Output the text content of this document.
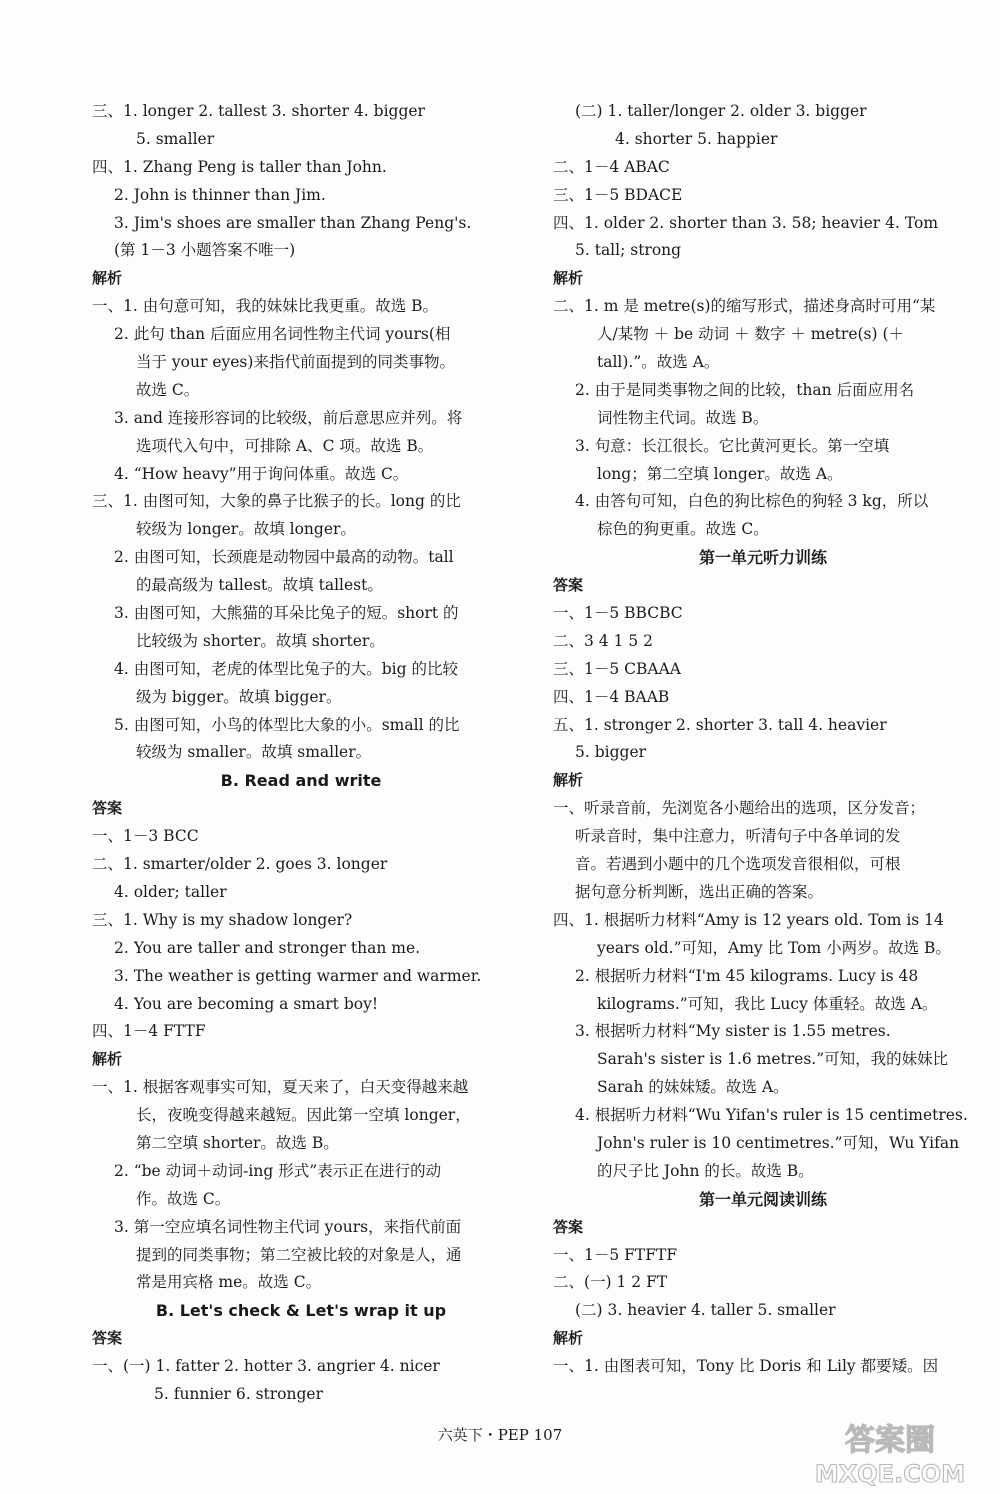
三、1. longer 2. tallest 3. shorter 4. bigger
5. smaller
四、1. Zhang Peng is taller than John.
2. John is thinner than Jim.
3. Jim's shoes are smaller than Zhang Peng's.
(第 1－3 小题答案不唯一)
解析
一、1. 由句意可知，我的妹妹比我更重。故选 B。
2. 此句 than 后面应用名词性物主代词 yours(相
当于 your eyes)来指代前面提到的同类事物。
故选 C。
3. and 连接形容词的比较级，前后意思应并列。将
选项代入句中，可排除 A、C 项。故选 B。
4. “How heavy”用于询问体重。故选 C。
三、1. 由图可知，大象的鼻子比猴子的长。long 的比
较级为 longer。故填 longer。
2. 由图可知，长颈鹿是动物园中最高的动物。tall
的最高级为 tallest。故填 tallest。
3. 由图可知，大熊猫的耳朵比兔子的短。short 的
比较级为 shorter。故填 shorter。
4. 由图可知，老虎的体型比兔子的大。big 的比较
级为 bigger。故填 bigger。
5. 由图可知，小鸟的体型比大象的小。small 的比
较级为 smaller。故填 smaller。
B. Read and write
答案
一、1－3 BCC
二、1. smarter/older 2. goes 3. longer
4. older; taller
三、1. Why is my shadow longer?
2. You are taller and stronger than me.
3. The weather is getting warmer and warmer.
4. You are becoming a smart boy!
四、1－4 FTTF
解析
一、1. 根据客观事实可知，夏天来了，白天变得越来越
长，夜晚变得越来越短。因此第一空填 longer，
第二空填 shorter。故选 B。
2. “be 动词＋动词-ing 形式”表示正在进行的动
作。故选 C。
3. 第一空应填名词性物主代词 yours，来指代前面
提到的同类事物；第二空被比较的对象是人，通
常是用宾格 me。故选 C。
B. Let's check & Let's wrap it up
答案
一、(一) 1. fatter 2. hotter 3. angrier 4. nicer
5. funnier 6. stronger
(二) 1. taller/longer 2. older 3. bigger
4. shorter 5. happier
二、1－4 ABAC
三、1－5 BDACE
四、1. older 2. shorter than 3. 58; heavier 4. Tom
5. tall; strong
解析
二、1. m 是 metre(s)的缩写形式，描述身高时可用“某
人/某物 ＋ be 动词 ＋ 数字 ＋ metre(s) (＋
tall).”。故选 A。
2. 由于是同类事物之间的比较，than 后面应用名
词性物主代词。故选 B。
3. 句意：长江很长。它比黄河更长。第一空填
long；第二空填 longer。故选 A。
4. 由答句可知，白色的狗比棕色的狗轻 3 kg，所以
棕色的狗更重。故选 C。
第一单元听力训练
答案
一、1－5 BBCBC
二、3 4 1 5 2
三、1－5 CBAAA
四、1－4 BAAB
五、1. stronger 2. shorter 3. tall 4. heavier
5. bigger
解析
一、听录音前，先浏览各小题给出的选项，区分发音；
听录音时，集中注意力，听清句子中各单词的发
音。若遇到小题中的几个选项发音很相似，可根
据句意分析判断，选出正确的答案。
四、1. 根据听力材料“Amy is 12 years old. Tom is 14
years old.”可知，Amy 比 Tom 小两岁。故选 B。
2. 根据听力材料“I'm 45 kilograms. Lucy is 48
kilograms.”可知，我比 Lucy 体重轻。故选 A。
3. 根据听力材料“My sister is 1.55 metres.
Sarah's sister is 1.6 metres.”可知，我的妹妹比
Sarah 的妹妹矮。故选 A。
4. 根据听力材料“Wu Yifan's ruler is 15 centimetres.
John's ruler is 10 centimetres.”可知，Wu Yifan
的尺子比 John 的长。故选 B。
第一单元阅读训练
答案
一、1－5 FTFTF
二、(一) 1 2 FT
(二) 3. heavier 4. taller 5. smaller
解析
一、1. 由图表可知，Tony 比 Doris 和 Lily 都要矮。因
六英下・PEP 107	答案圈
MXQE.COM
